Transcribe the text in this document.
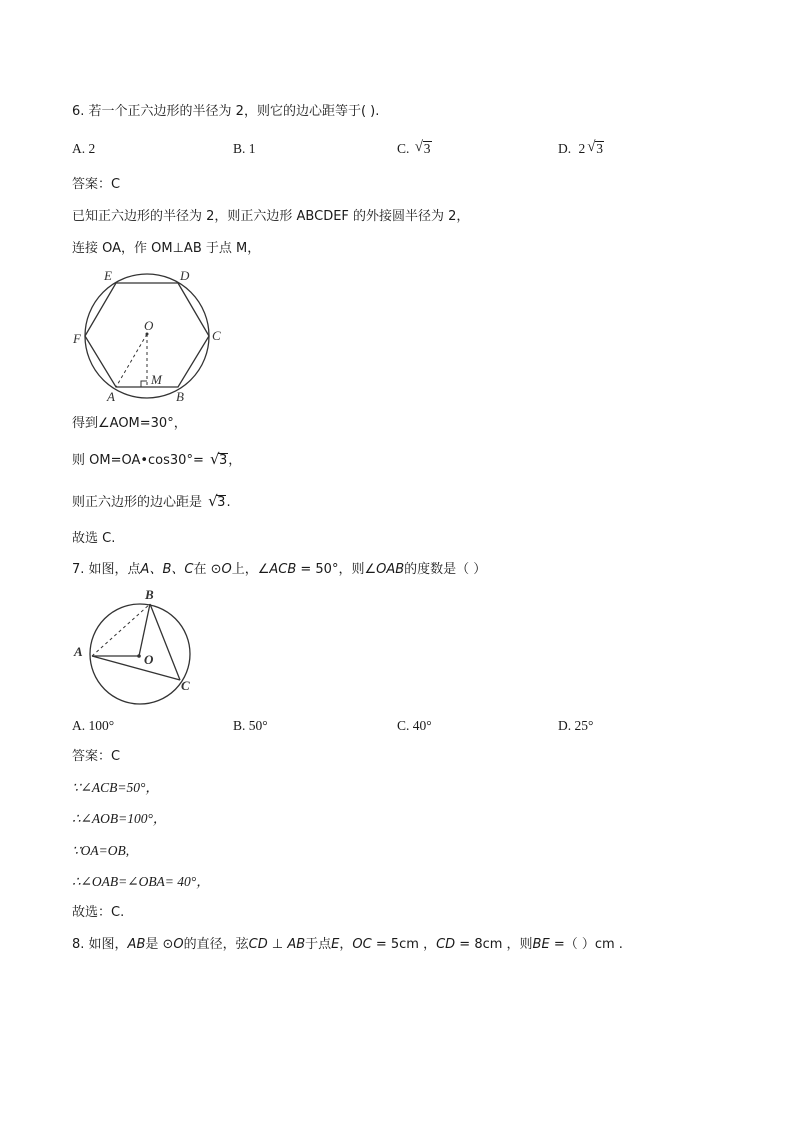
6. 若一个正六边形的半径为 2，则它的边心距等于( ).
A. 2	B. 1	C. √ 3	D. 2 √ 3
答案：C
已知正六边形的半径为 2，则正六边形 ABCDEF 的外接圆半径为 2，
连接 OA，作 OM⊥AB 于点 M，
E	D
F	C
O
A
M
B
得到∠AOM=30°，
则 OM=OA•cos30°= √ 3，
则正六边形的边心距是 √ 3.
故选 C.
7. 如图，点A、B、C在 ⊙O上，∠ACB = 50°，则∠OAB的度数是（ ）
B
A
O
C
A. 100°	B. 50°	C. 40°	D. 25°
答案：C
∵∠ACB=50°，
∴∠AOB=100°，
∵OA=OB,
∴∠OAB=∠OBA= 40°，
故选：C.
8. 如图，AB是 ⊙O的直径，弦CD ⊥ AB于点E，OC = 5cm ，CD = 8cm ，则BE =（ ）cm .
